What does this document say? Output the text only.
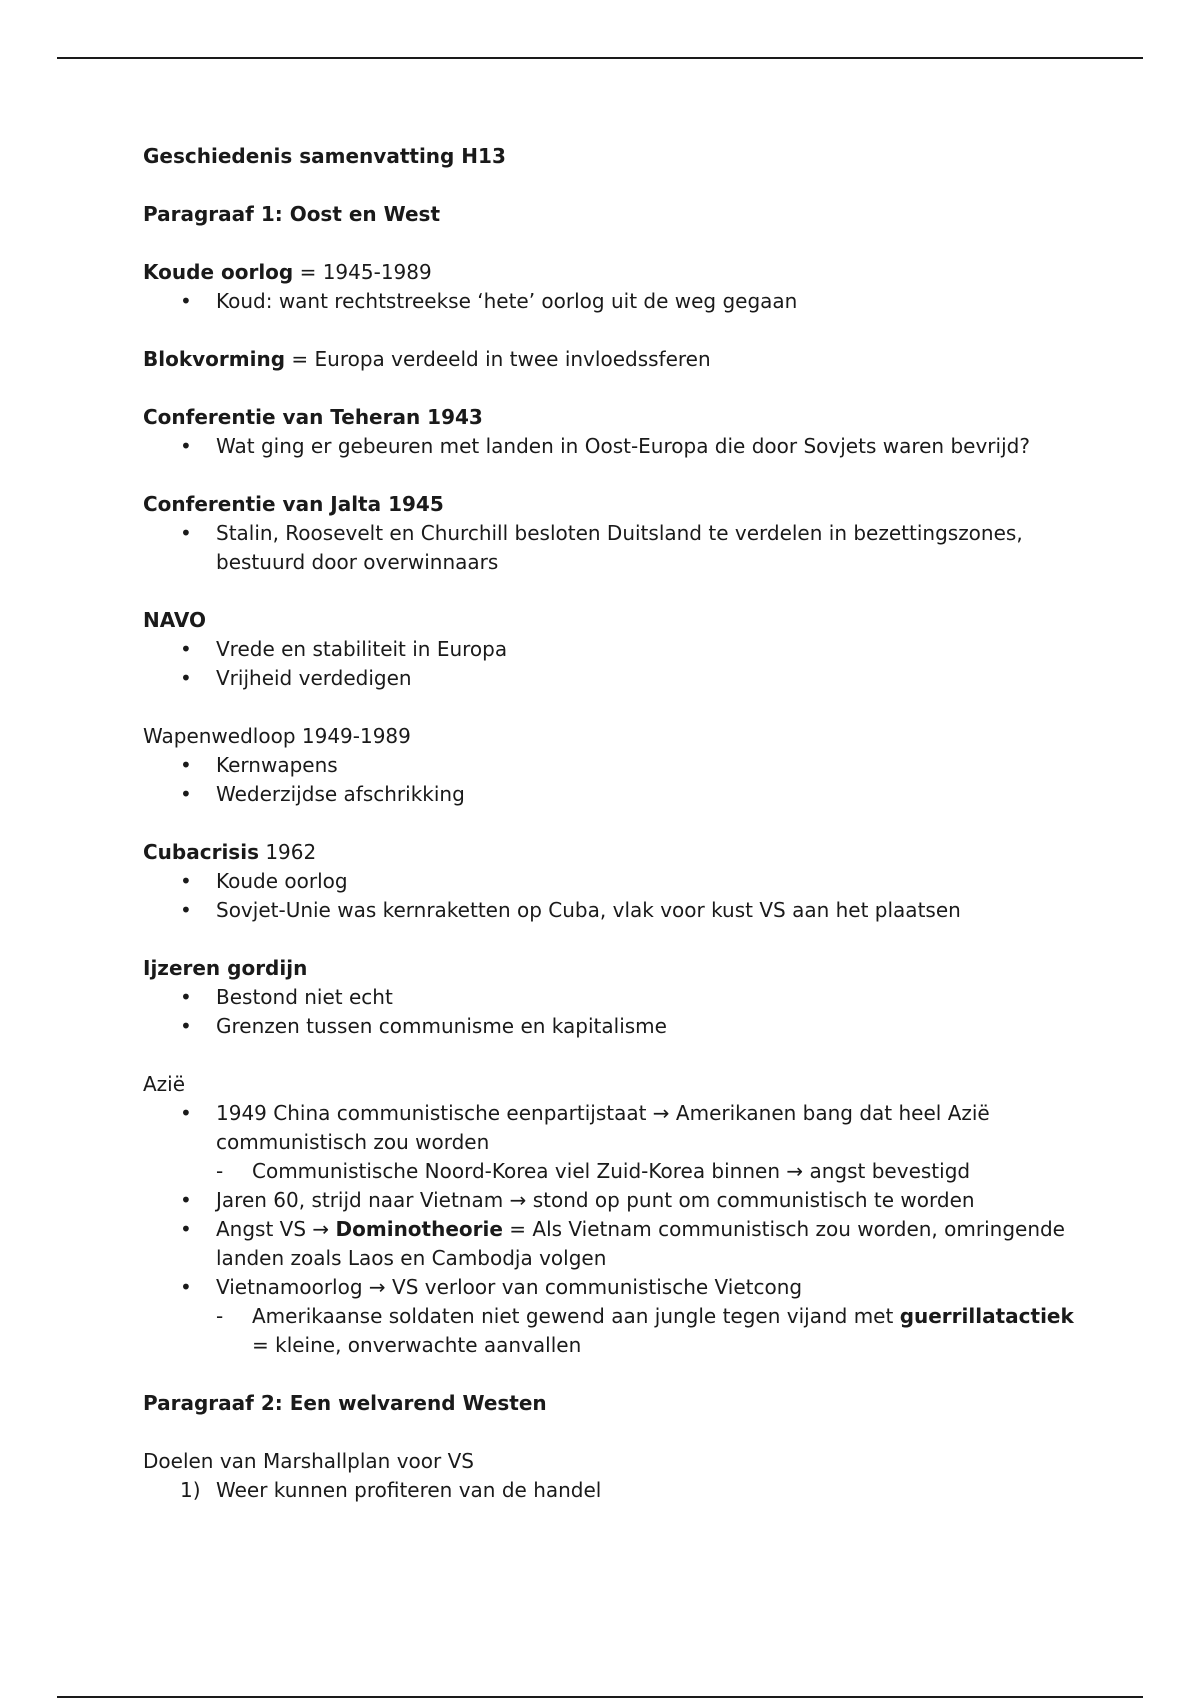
Geschiedenis samenvatting H13
Paragraaf 1: Oost en West
Koude oorlog = 1945-1989
• Koud: want rechtstreekse ‘hete’ oorlog uit de weg gegaan
Blokvorming = Europa verdeeld in twee invloedssferen
Conferentie van Teheran 1943
• Wat ging er gebeuren met landen in Oost-Europa die door Sovjets waren bevrijd?
Conferentie van Jalta 1945
• Stalin, Roosevelt en Churchill besloten Duitsland te verdelen in bezettingszones, bestuurd door overwinnaars
NAVO
• Vrede en stabiliteit in Europa
• Vrijheid verdedigen
Wapenwedloop 1949-1989
• Kernwapens
• Wederzijdse afschrikking
Cubacrisis 1962
• Koude oorlog
• Sovjet-Unie was kernraketten op Cuba, vlak voor kust VS aan het plaatsen
Ijzeren gordijn
• Bestond niet echt
• Grenzen tussen communisme en kapitalisme
Azië
• 1949 China communistische eenpartijstaat → Amerikanen bang dat heel Azië communistisch zou worden
- Communistische Noord-Korea viel Zuid-Korea binnen → angst bevestigd
• Jaren 60, strijd naar Vietnam → stond op punt om communistisch te worden
• Angst VS → Dominotheorie = Als Vietnam communistisch zou worden, omringende landen zoals Laos en Cambodja volgen
• Vietnamoorlog → VS verloor van communistische Vietcong
- Amerikaanse soldaten niet gewend aan jungle tegen vijand met guerrillatactiek = kleine, onverwachte aanvallen
Paragraaf 2: Een welvarend Westen
Doelen van Marshallplan voor VS
1) Weer kunnen profiteren van de handel
